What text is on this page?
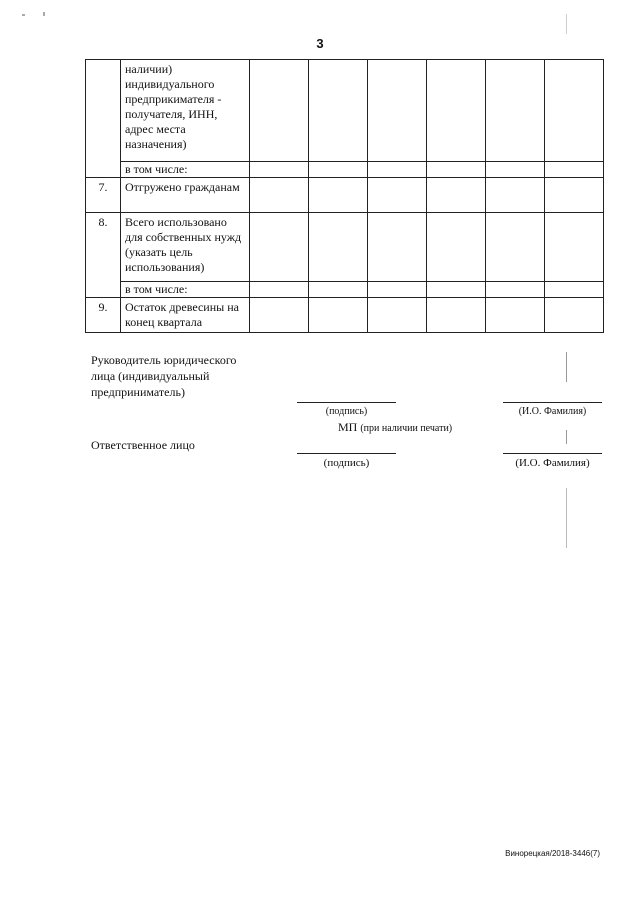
3
	наличии) индивидуального предприкимателя - получателя, ИНН, адрес места назначения)						
	в том числе:						
7.	Отгружено гражданам						
8.	Всего использовано для собственных нужд (указать цель использования)						
	в том числе:						
9.	Остаток древесины на конец квартала						
Руководитель юридического лица (индивидуальный предприниматель)
(подпись)	(И.О. Фамилия)
МП (при наличии печати)
Ответственное лицо
(подпись)	(И.О. Фамилия)
Винорецкая/2018-3446(7)
